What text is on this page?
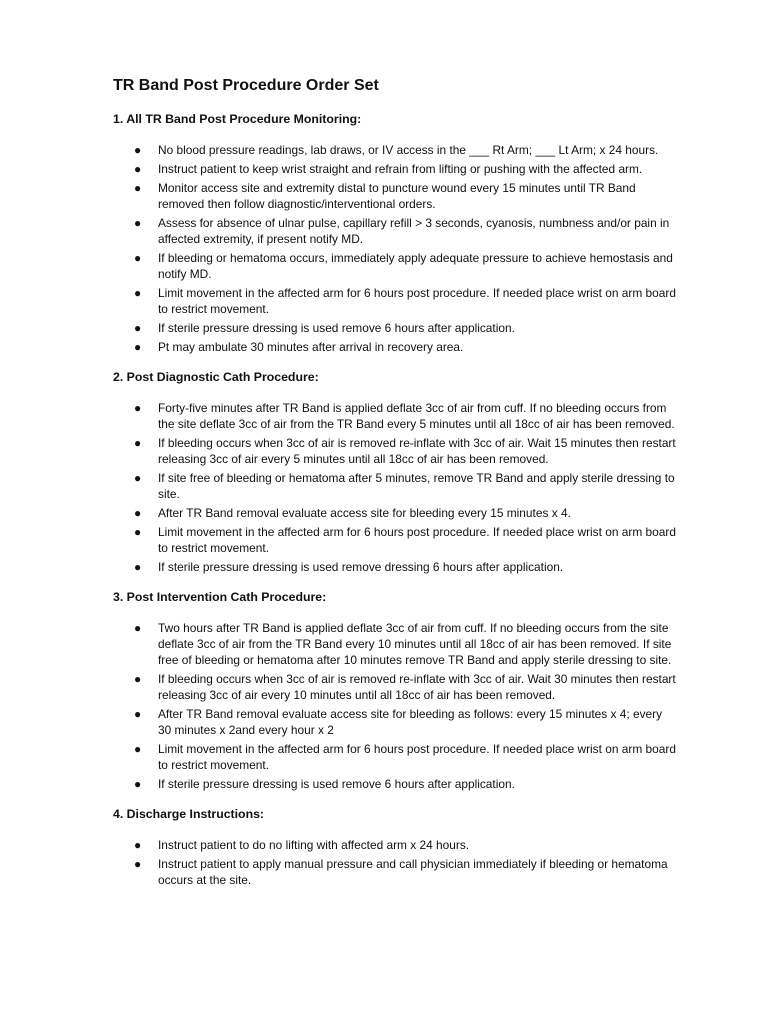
TR Band Post Procedure Order Set
1. All TR Band Post Procedure Monitoring:
● No blood pressure readings, lab draws, or IV access in the ___ Rt Arm; ___ Lt Arm; x 24 hours.
● Instruct patient to keep wrist straight and refrain from lifting or pushing with the affected arm.
● Monitor access site and extremity distal to puncture wound every 15 minutes until TR Band removed then follow diagnostic/interventional orders.
● Assess for absence of ulnar pulse, capillary refill > 3 seconds, cyanosis, numbness and/or pain in affected extremity, if present notify MD.
● If bleeding or hematoma occurs, immediately apply adequate pressure to achieve hemostasis and notify MD.
● Limit movement in the affected arm for 6 hours post procedure. If needed place wrist on arm board to restrict movement.
● If sterile pressure dressing is used remove 6 hours after application.
● Pt may ambulate 30 minutes after arrival in recovery area.
2. Post Diagnostic Cath Procedure:
● Forty-five minutes after TR Band is applied deflate 3cc of air from cuff. If no bleeding occurs from the site deflate 3cc of air from the TR Band every 5 minutes until all 18cc of air has been removed.
● If bleeding occurs when 3cc of air is removed re-inflate with 3cc of air. Wait 15 minutes then restart releasing 3cc of air every 5 minutes until all 18cc of air has been removed.
● If site free of bleeding or hematoma after 5 minutes, remove TR Band and apply sterile dressing to site.
● After TR Band removal evaluate access site for bleeding every 15 minutes x 4.
● Limit movement in the affected arm for 6 hours post procedure. If needed place wrist on arm board to restrict movement.
● If sterile pressure dressing is used remove dressing 6 hours after application.
3. Post Intervention Cath Procedure:
● Two hours after TR Band is applied deflate 3cc of air from cuff. If no bleeding occurs from the site deflate 3cc of air from the TR Band every 10 minutes until all 18cc of air has been removed. If site free of bleeding or hematoma after 10 minutes remove TR Band and apply sterile dressing to site.
● If bleeding occurs when 3cc of air is removed re-inflate with 3cc of air. Wait 30 minutes then restart releasing 3cc of air every 10 minutes until all 18cc of air has been removed.
● After TR Band removal evaluate access site for bleeding as follows: every 15 minutes x 4; every 30 minutes x 2and every hour x 2
● Limit movement in the affected arm for 6 hours post procedure. If needed place wrist on arm board to restrict movement.
● If sterile pressure dressing is used remove 6 hours after application.
4. Discharge Instructions:
● Instruct patient to do no lifting with affected arm x 24 hours.
● Instruct patient to apply manual pressure and call physician immediately if bleeding or hematoma occurs at the site.
